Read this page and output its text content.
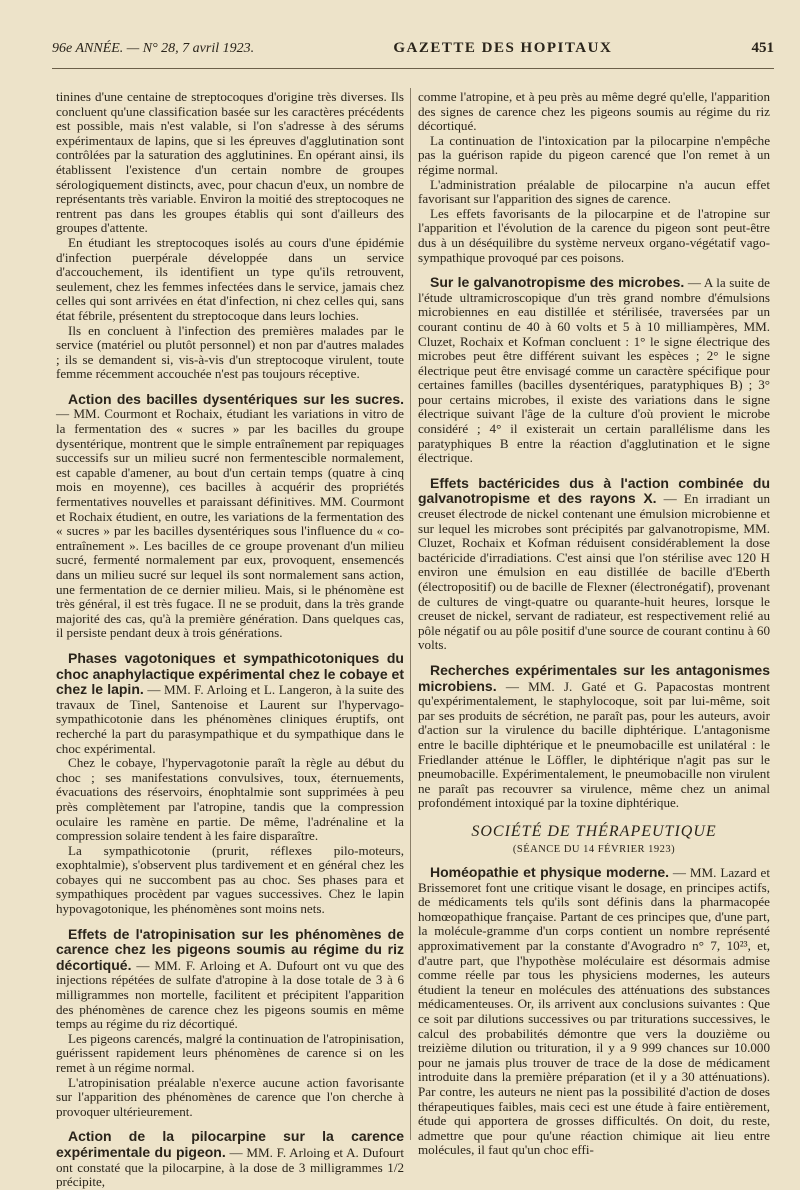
96e ANNÉE. — N° 28, 7 avril 1923.	GAZETTE DES HOPITAUX	451

tinines d'une centaine de streptocoques d'origine très diverses. Ils concluent qu'une classification basée sur les caractères précédents est possible, mais n'est valable, si l'on s'adresse à des sérums expérimentaux de lapins, que si les épreuves d'agglutination sont contrôlées par la saturation des agglutinines. En opérant ainsi, ils établissent l'existence d'un certain nombre de groupes sérologiquement distincts, avec, pour chacun d'eux, un nombre de représentants très variable. Environ la moitié des streptocoques ne rentrent pas dans les groupes établis qui sont d'ailleurs des groupes d'attente.

En étudiant les streptocoques isolés au cours d'une épidémie d'infection puerpérale développée dans un service d'accouchement, ils identifient un type qu'ils retrouvent, seulement, chez les femmes infectées dans le service, jamais chez celles qui sont arrivées en état d'infection, ni chez celles qui, sans état fébrile, présentent du streptocoque dans leurs lochies.

Ils en concluent à l'infection des premières malades par le service (matériel ou plutôt personnel) et non par d'autres malades ; ils se demandent si, vis-à-vis d'un streptocoque virulent, toute femme récemment accouchée n'est pas toujours réceptive.

Action des bacilles dysentériques sur les sucres. — MM. Courmont et Rochaix, étudiant les variations in vitro de la fermentation des « sucres » par les bacilles du groupe dysentérique, montrent que le simple entraînement par repiquages successifs sur un milieu sucré non fermentescible normalement, est capable d'amener, au bout d'un certain temps (quatre à cinq mois en moyenne), ces bacilles à acquérir des propriétés fermentatives nouvelles et paraissant définitives. MM. Courmont et Rochaix étudient, en outre, les variations de la fermentation des « sucres » par les bacilles dysentériques sous l'influence du « co-entraînement ». Les bacilles de ce groupe provenant d'un milieu sucré, fermenté normalement par eux, provoquent, ensemencés dans un milieu sucré sur lequel ils sont normalement sans action, une fermentation de ce dernier milieu. Mais, si le phénomène est très général, il est très fugace. Il ne se produit, dans la très grande majorité des cas, qu'à la première génération. Dans quelques cas, il persiste pendant deux à trois générations.

Phases vagotoniques et sympathicotoniques du choc anaphylactique expérimental chez le cobaye et chez le lapin. — MM. F. Arloing et L. Langeron, à la suite des travaux de Tinel, Santenoise et Laurent sur l'hypervago-sympathicotonie dans les phénomènes cliniques éruptifs, ont recherché la part du parasympathique et du sympathique dans le choc expérimental.

Chez le cobaye, l'hypervagotonie paraît la règle au début du choc ; ses manifestations convulsives, toux, éternuements, évacuations des réservoirs, énophtalmie sont supprimées à peu près complètement par l'atropine, tandis que la compression oculaire les ramène en partie. De même, l'adrénaline et la compression solaire tendent à les faire disparaître.

La sympathicotonie (prurit, réflexes pilo-moteurs, exophtalmie), s'observent plus tardivement et en général chez les cobayes qui ne succombent pas au choc. Ses phases para et sympathiques procèdent par vagues successives. Chez le lapin hypovagotonique, les phénomènes sont moins nets.

Effets de l'atropinisation sur les phénomènes de carence chez les pigeons soumis au régime du riz décortiqué. — MM. F. Arloing et A. Dufourt ont vu que des injections répétées de sulfate d'atropine à la dose totale de 3 à 6 milligrammes non mortelle, facilitent et précipitent l'apparition des phénomènes de carence chez les pigeons soumis en même temps au régime du riz décortiqué.

Les pigeons carencés, malgré la continuation de l'atropinisation, guérissent rapidement leurs phénomènes de carence si on les remet à un régime normal.

L'atropinisation préalable n'exerce aucune action favorisante sur l'apparition des phénomènes de carence que l'on cherche à provoquer ultérieurement.

Action de la pilocarpine sur la carence expérimentale du pigeon. — MM. F. Arloing et A. Dufourt ont constaté que la pilocarpine, à la dose de 3 milligrammes 1/2 précipite,

comme l'atropine, et à peu près au même degré qu'elle, l'apparition des signes de carence chez les pigeons soumis au régime du riz décortiqué.

La continuation de l'intoxication par la pilocarpine n'empêche pas la guérison rapide du pigeon carencé que l'on remet à un régime normal.

L'administration préalable de pilocarpine n'a aucun effet favorisant sur l'apparition des signes de carence.

Les effets favorisants de la pilocarpine et de l'atropine sur l'apparition et l'évolution de la carence du pigeon sont peut-être dus à un déséquilibre du système nerveux organo-végétatif vago-sympathique provoqué par ces poisons.

Sur le galvanotropisme des microbes. — A la suite de l'étude ultramicroscopique d'un très grand nombre d'émulsions microbiennes en eau distillée et stérilisée, traversées par un courant continu de 40 à 60 volts et 5 à 10 milliampères, MM. Cluzet, Rochaix et Kofman concluent : 1° le signe électrique des microbes peut être différent suivant les espèces ; 2° le signe électrique peut être envisagé comme un caractère spécifique pour certaines familles (bacilles dysentériques, paratyphiques B) ; 3° pour certains microbes, il existe des variations dans le signe électrique suivant l'âge de la culture d'où provient le microbe considéré ; 4° il existerait un certain parallélisme dans les paratyphiques B entre la réaction d'agglutination et le signe électrique.

Effets bactéricides dus à l'action combinée du galvanotropisme et des rayons X. — En irradiant un creuset électrode de nickel contenant une émulsion microbienne et sur lequel les microbes sont précipités par galvanotropisme, MM. Cluzet, Rochaix et Kofman réduisent considérablement la dose bactéricide d'irradiations. C'est ainsi que l'on stérilise avec 120 H environ une émulsion en eau distillée de bacille d'Eberth (électropositif) ou de bacille de Flexner (électronégatif), provenant de cultures de vingt-quatre ou quarante-huit heures, lorsque le creuset de nickel, servant de radiateur, est respectivement relié au pôle négatif ou au pôle positif d'une source de courant continu à 60 volts.

Recherches expérimentales sur les antagonismes microbiens. — MM. J. Gaté et G. Papacostas montrent qu'expérimentalement, le staphylocoque, soit par lui-même, soit par ses produits de sécrétion, ne paraît pas, pour les auteurs, avoir d'action sur la virulence du bacille diphtérique. L'antagonisme entre le bacille diphtérique et le pneumobacille est unilatéral : le Friedlander atténue le Löffler, le diphtérique n'agit pas sur le pneumobacille. Expérimentalement, le pneumobacille non virulent ne paraît pas recouvrer sa virulence, même chez un animal profondément intoxiqué par la toxine diphtérique.

SOCIÉTÉ DE THÉRAPEUTIQUE
(SÉANCE DU 14 FÉVRIER 1923)

Homéopathie et physique moderne. — MM. Lazard et Brissemoret font une critique visant le dosage, en principes actifs, de médicaments tels qu'ils sont définis dans la pharmacopée homœopathique française. Partant de ces principes que, d'une part, la molécule-gramme d'un corps contient un nombre représenté approximativement par la constante d'Avogradro n° 7, 10²³, et, d'autre part, que l'hypothèse moléculaire est désormais admise comme réelle par tous les physiciens modernes, les auteurs étudient la teneur en molécules des atténuations des substances médicamenteuses. Or, ils arrivent aux conclusions suivantes : Que ce soit par dilutions successives ou par triturations successives, le calcul des probabilités démontre que vers la douzième ou treizième dilution ou trituration, il y a 9 999 chances sur 10.000 pour ne jamais plus trouver de trace de la dose de médicament introduite dans la première préparation (et il y a 30 atténuations). Par contre, les auteurs ne nient pas la possibilité d'action de doses thérapeutiques faibles, mais ceci est une étude à faire entièrement, étude qui apportera de grosses difficultés. On doit, du reste, admettre que pour qu'une réaction chimique ait lieu entre molécules, il faut qu'un choc effi-
